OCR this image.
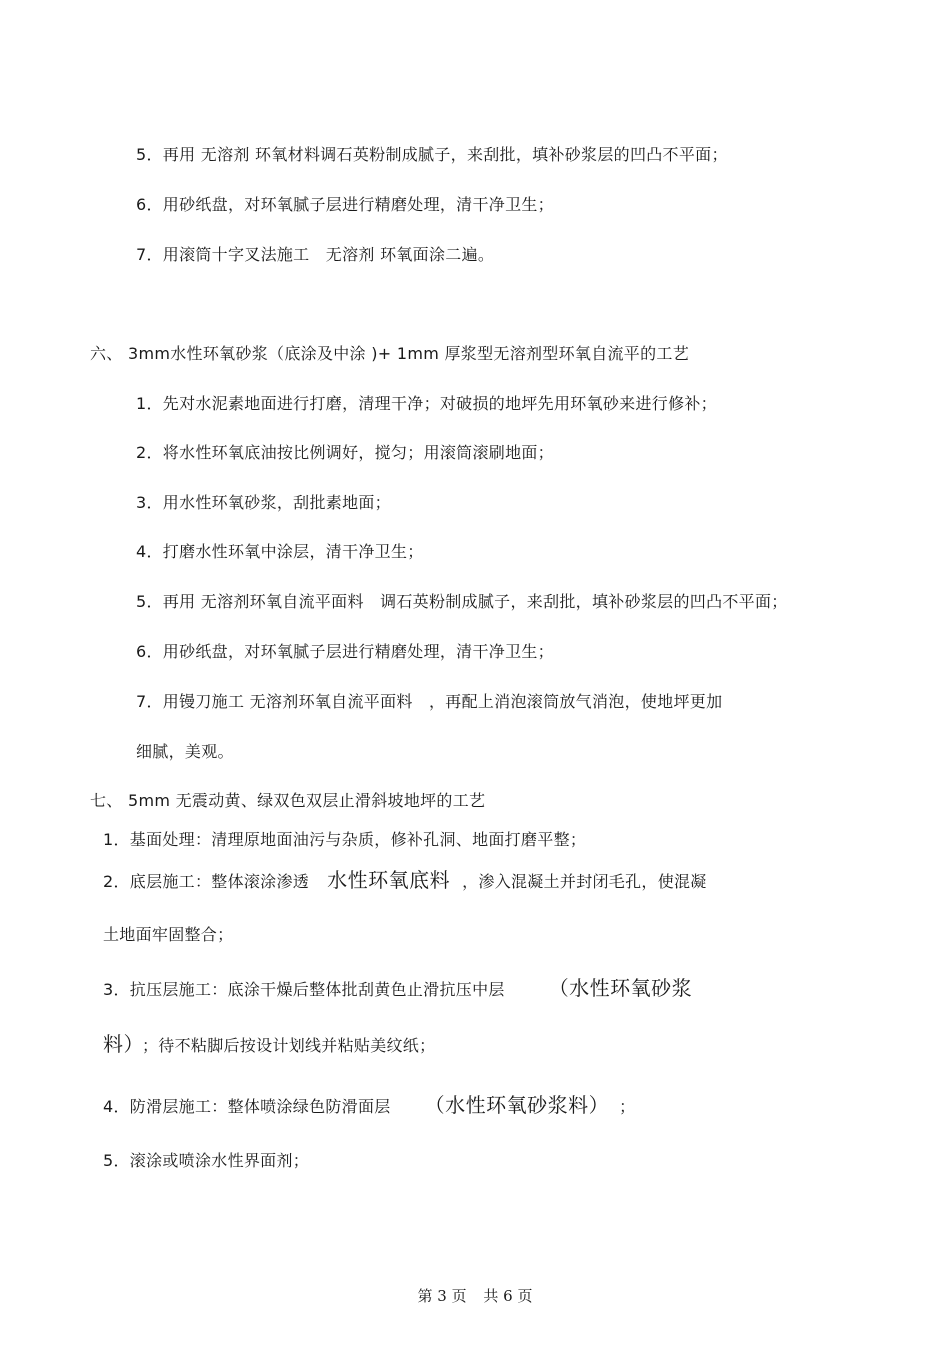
5．再用 无溶剂 环氧材料调石英粉制成腻子，来刮批，填补砂浆层的凹凸不平面；
6．用砂纸盘，对环氧腻子层进行精磨处理，清干净卫生；
7．用滚筒十字叉法施工　无溶剂 环氧面涂二遍。
六、 3mm水性环氧砂浆（底涂及中涂 )+ 1mm 厚浆型无溶剂型环氧自流平的工艺
1．先对水泥素地面进行打磨，清理干净；对破损的地坪先用环氧砂来进行修补；
2．将水性环氧底油按比例调好，搅匀；用滚筒滚刷地面；
3．用水性环氧砂浆，刮批素地面；
4．打磨水性环氧中涂层，清干净卫生；
5．再用 无溶剂环氧自流平面料　调石英粉制成腻子，来刮批，填补砂浆层的凹凸不平面；
6．用砂纸盘，对环氧腻子层进行精磨处理，清干净卫生；
7．用镘刀施工 无溶剂环氧自流平面料　，再配上消泡滚筒放气消泡，使地坪更加
细腻，美观。
七、 5mm 无震动黄、绿双色双层止滑斜坡地坪的工艺
1．基面处理：清理原地面油污与杂质，修补孔洞、地面打磨平整；
2．底层施工：整体滚涂渗透 水性环氧底料 ，渗入混凝土并封闭毛孔，使混凝
土地面牢固整合；
3．抗压层施工：底涂干燥后整体批刮黄色止滑抗压中层 （水性环氧砂浆
料） ；待不粘脚后按设计划线并粘贴美纹纸；
4．防滑层施工：整体喷涂绿色防滑面层 （水性环氧砂浆料） ；
5．滚涂或喷涂水性界面剂；
第 3 页 共 6 页
